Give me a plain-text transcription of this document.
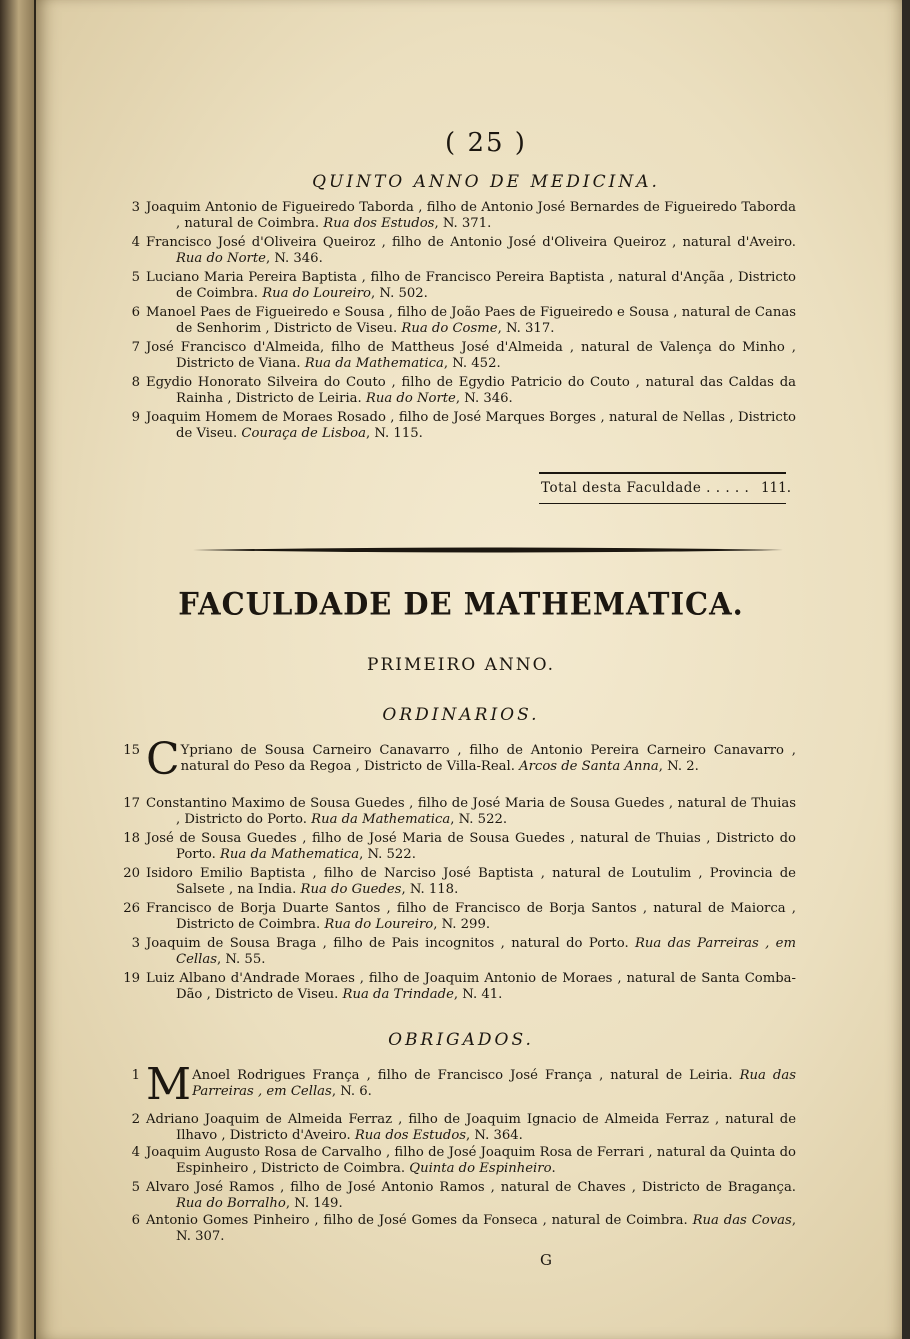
( 25 )
QUINTO ANNO DE MEDICINA.
3 Joaquim Antonio de Figueiredo Taborda , filho de Antonio José Bernardes de Figueiredo Taborda , natural de Coimbra. Rua dos Estudos, N. 371.
4 Francisco José d'Oliveira Queiroz , filho de Antonio José d'Oliveira Queiroz , natural d'Aveiro. Rua do Norte, N. 346.
5 Luciano Maria Pereira Baptista , filho de Francisco Pereira Baptista , natural d'Ançãa , Districto de Coimbra. Rua do Loureiro, N. 502.
6 Manoel Paes de Figueiredo e Sousa , filho de João Paes de Figueiredo e Sousa , natural de Canas de Senhorim , Districto de Viseu. Rua do Cosme, N. 317.
7 José Francisco d'Almeida, filho de Mattheus José d'Almeida , natural de Valença do Minho , Districto de Viana. Rua da Mathematica, N. 452.
8 Egydio Honorato Silveira do Couto , filho de Egydio Patricio do Couto , natural das Caldas da Rainha , Districto de Leiria. Rua do Norte, N. 346.
9 Joaquim Homem de Moraes Rosado , filho de José Marques Borges , natural de Nellas , Districto de Viseu. Couraça de Lisboa, N. 115.
Total desta Faculdade . . . . . 111.
FACULDADE DE MATHEMATICA.
PRIMEIRO ANNO.
ORDINARIOS.
15 C Ypriano de Sousa Carneiro Canavarro , filho de Antonio Pereira Carneiro Canavarro , natural do Peso da Regoa , Districto de Villa-Real. Arcos de Santa Anna, N. 2.
17 Constantino Maximo de Sousa Guedes , filho de José Maria de Sousa Guedes , natural de Thuias , Districto do Porto. Rua da Mathematica, N. 522.
18 José de Sousa Guedes , filho de José Maria de Sousa Guedes , natural de Thuias , Districto do Porto. Rua da Mathematica, N. 522.
20 Isidoro Emilio Baptista , filho de Narciso José Baptista , natural de Loutulim , Provincia de Salsete , na India. Rua do Guedes, N. 118.
26 Francisco de Borja Duarte Santos , filho de Francisco de Borja Santos , natural de Maiorca , Districto de Coimbra. Rua do Loureiro, N. 299.
3 Joaquim de Sousa Braga , filho de Pais incognitos , natural do Porto. Rua das Parreiras , em Cellas, N. 55.
19 Luiz Albano d'Andrade Moraes , filho de Joaquim Antonio de Moraes , natural de Santa Comba-Dão , Districto de Viseu. Rua da Trindade, N. 41.
OBRIGADOS.
1 M Anoel Rodrigues França , filho de Francisco José França , natural de Leiria. Rua das Parreiras , em Cellas, N. 6.
2 Adriano Joaquim de Almeida Ferraz , filho de Joaquim Ignacio de Almeida Ferraz , natural de Ilhavo , Districto d'Aveiro. Rua dos Estudos, N. 364.
4 Joaquim Augusto Rosa de Carvalho , filho de José Joaquim Rosa de Ferrari , natural da Quinta do Espinheiro , Districto de Coimbra. Quinta do Espinheiro.
5 Alvaro José Ramos , filho de José Antonio Ramos , natural de Chaves , Districto de Bragança. Rua do Borralho, N. 149.
6 Antonio Gomes Pinheiro , filho de José Gomes da Fonseca , natural de Coimbra. Rua das Covas, N. 307.
G
